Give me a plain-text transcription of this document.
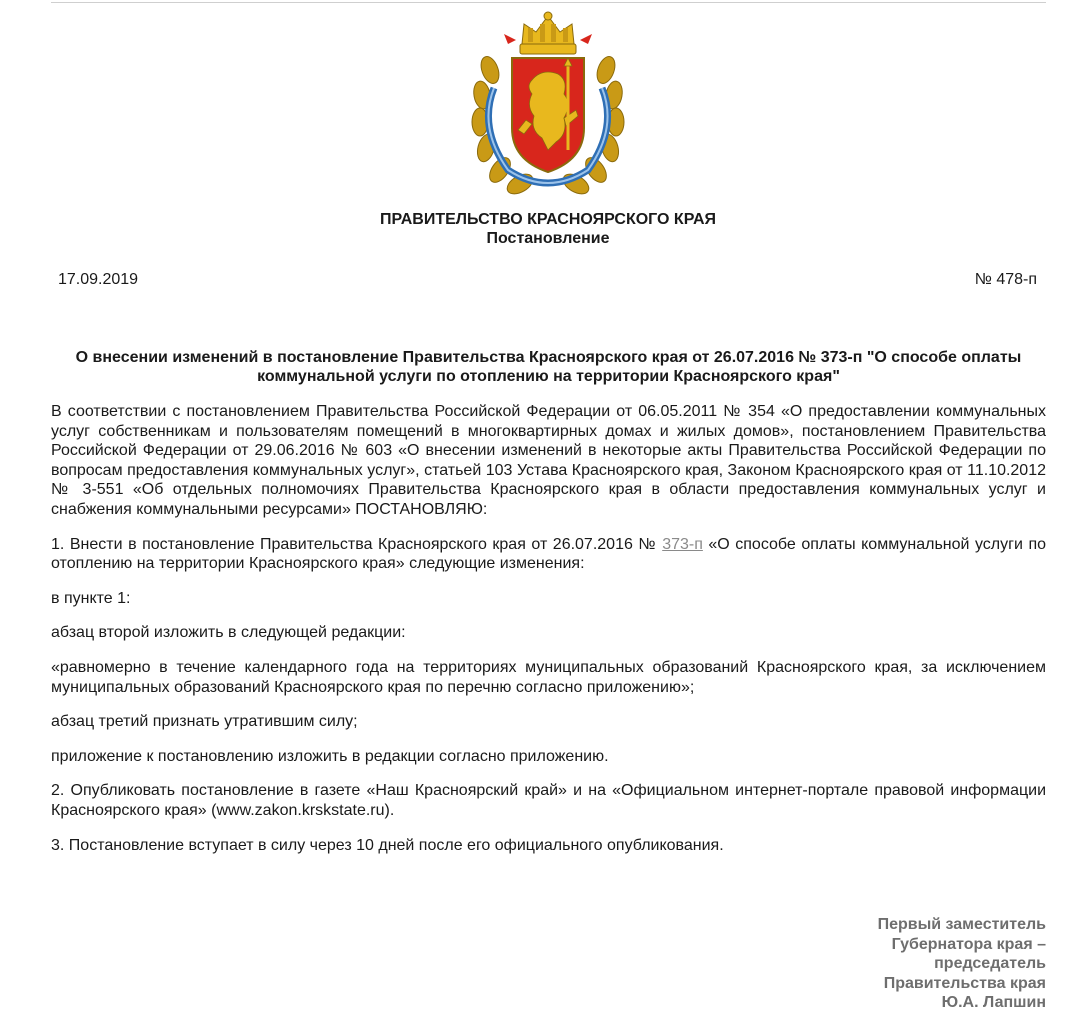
ПРАВИТЕЛЬСТВО КРАСНОЯРСКОГО КРАЯ
Постановление
17.09.2019	№ 478-п
О внесении изменений в постановление Правительства Красноярского края от 26.07.2016 № 373-п "О способе оплаты коммунальной услуги по отоплению на территории Красноярского края"

В соответствии с постановлением Правительства Российской Федерации от 06.05.2011 № 354 «О предоставлении коммунальных услуг собственникам и пользователям помещений в многоквартирных домах и жилых домов», постановлением Правительства Российской Федерации от 29.06.2016 № 603 «О внесении изменений в некоторые акты Правительства Российской Федерации по вопросам предоставления коммунальных услуг», статьей 103 Устава Красноярского края, Законом Красноярского края от 11.10.2012 № 3-551 «Об отдельных полномочиях Правительства Красноярского края в области предоставления коммунальных услуг и снабжения коммунальными ресурсами» ПОСТАНОВЛЯЮ:

1. Внести в постановление Правительства Красноярского края от 26.07.2016 № 373-п «О способе оплаты коммунальной услуги по отоплению на территории Красноярского края» следующие изменения:

в пункте 1:

абзац второй изложить в следующей редакции:

«равномерно в течение календарного года на территориях муниципальных образований Красноярского края, за исключением муниципальных образований Красноярского края по перечню согласно приложению»;

абзац третий признать утратившим силу;

приложение к постановлению изложить в редакции согласно приложению.

2. Опубликовать постановление в газете «Наш Красноярский край» и на «Официальном интернет-портале правовой информации Красноярского края» (www.zakon.krskstate.ru).

3. Постановление вступает в силу через 10 дней после его официального опубликования.

Первый заместитель
Губернатора края –
председатель
Правительства края
Ю.А. Лапшин
